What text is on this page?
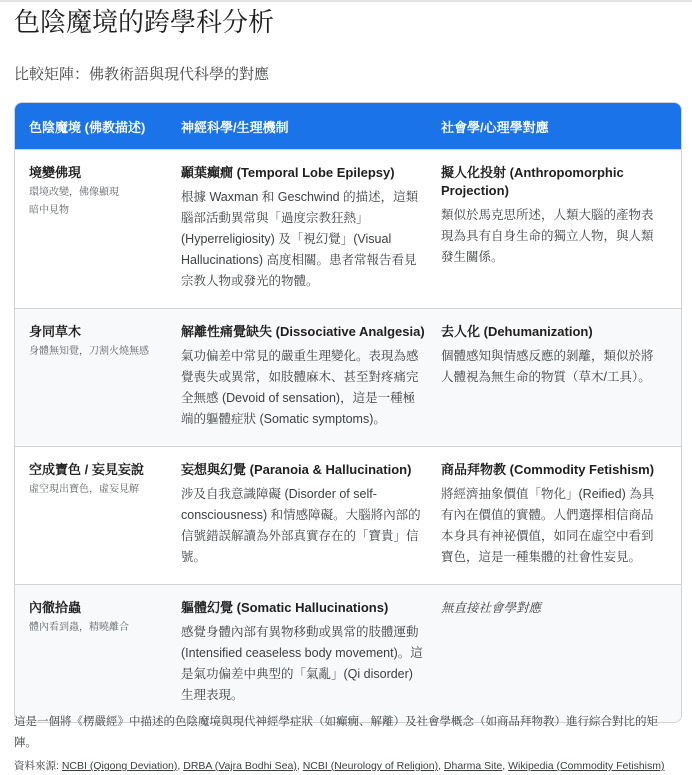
色陰魔境的跨學科分析

比較矩陣：佛教術語與現代科學的對應

色陰魔境 (佛教描述)	神經科學/生理機制	社會學/心理學對應
境變佛現
環境改變，佛像顯現
暗中見物
顳葉癲癇 (Temporal Lobe Epilepsy)
根據 Waxman 和 Geschwind 的描述，這類腦部活動異常與「過度宗教狂熱」(Hyperreligiosity) 及「視幻覺」(Visual Hallucinations) 高度相關。患者常報告看見宗教人物或發光的物體。
擬人化投射 (Anthropomorphic Projection)
類似於馬克思所述，人類大腦的產物表現為具有自身生命的獨立人物，與人類發生關係。
身同草木
身體無知覺，刀割火燒無感
解離性痛覺缺失 (Dissociative Analgesia)
氣功偏差中常見的嚴重生理變化。表現為感覺喪失或異常，如肢體麻木、甚至對疼痛完全無感 (Devoid of sensation)，這是一種極端的軀體症狀 (Somatic symptoms)。
去人化 (Dehumanization)
個體感知與情感反應的剝離，類似於將人體視為無生命的物質（草木/工具）。
空成寶色 / 妄見妄說
虛空現出寶色，虛妄見解
妄想與幻覺 (Paranoia & Hallucination)
涉及自我意識障礙 (Disorder of self-consciousness) 和情感障礙。大腦將內部的信號錯誤解讀為外部真實存在的「寶貴」信號。
商品拜物教 (Commodity Fetishism)
將經濟抽象價值「物化」(Reified) 為具有內在價值的實體。人們選擇相信商品本身具有神祕價值，如同在虛空中看到寶色，這是一種集體的社會性妄見。
內徹拾蟲
體內看到蟲，精曉離合
軀體幻覺 (Somatic Hallucinations)
感覺身體內部有異物移動或異常的肢體運動 (Intensified ceaseless body movement)。這是氣功偏差中典型的「氣亂」(Qi disorder) 生理表現。
無直接社會學對應
這是一個將《楞嚴經》中描述的色陰魔境與現代神經學症狀（如癲癇、解離）及社會學概念（如商品拜物教）進行綜合對比的矩陣。
資料來源: NCBI (Qigong Deviation), DRBA (Vajra Bodhi Sea), NCBI (Neurology of Religion), Dharma Site, Wikipedia (Commodity Fetishism)
